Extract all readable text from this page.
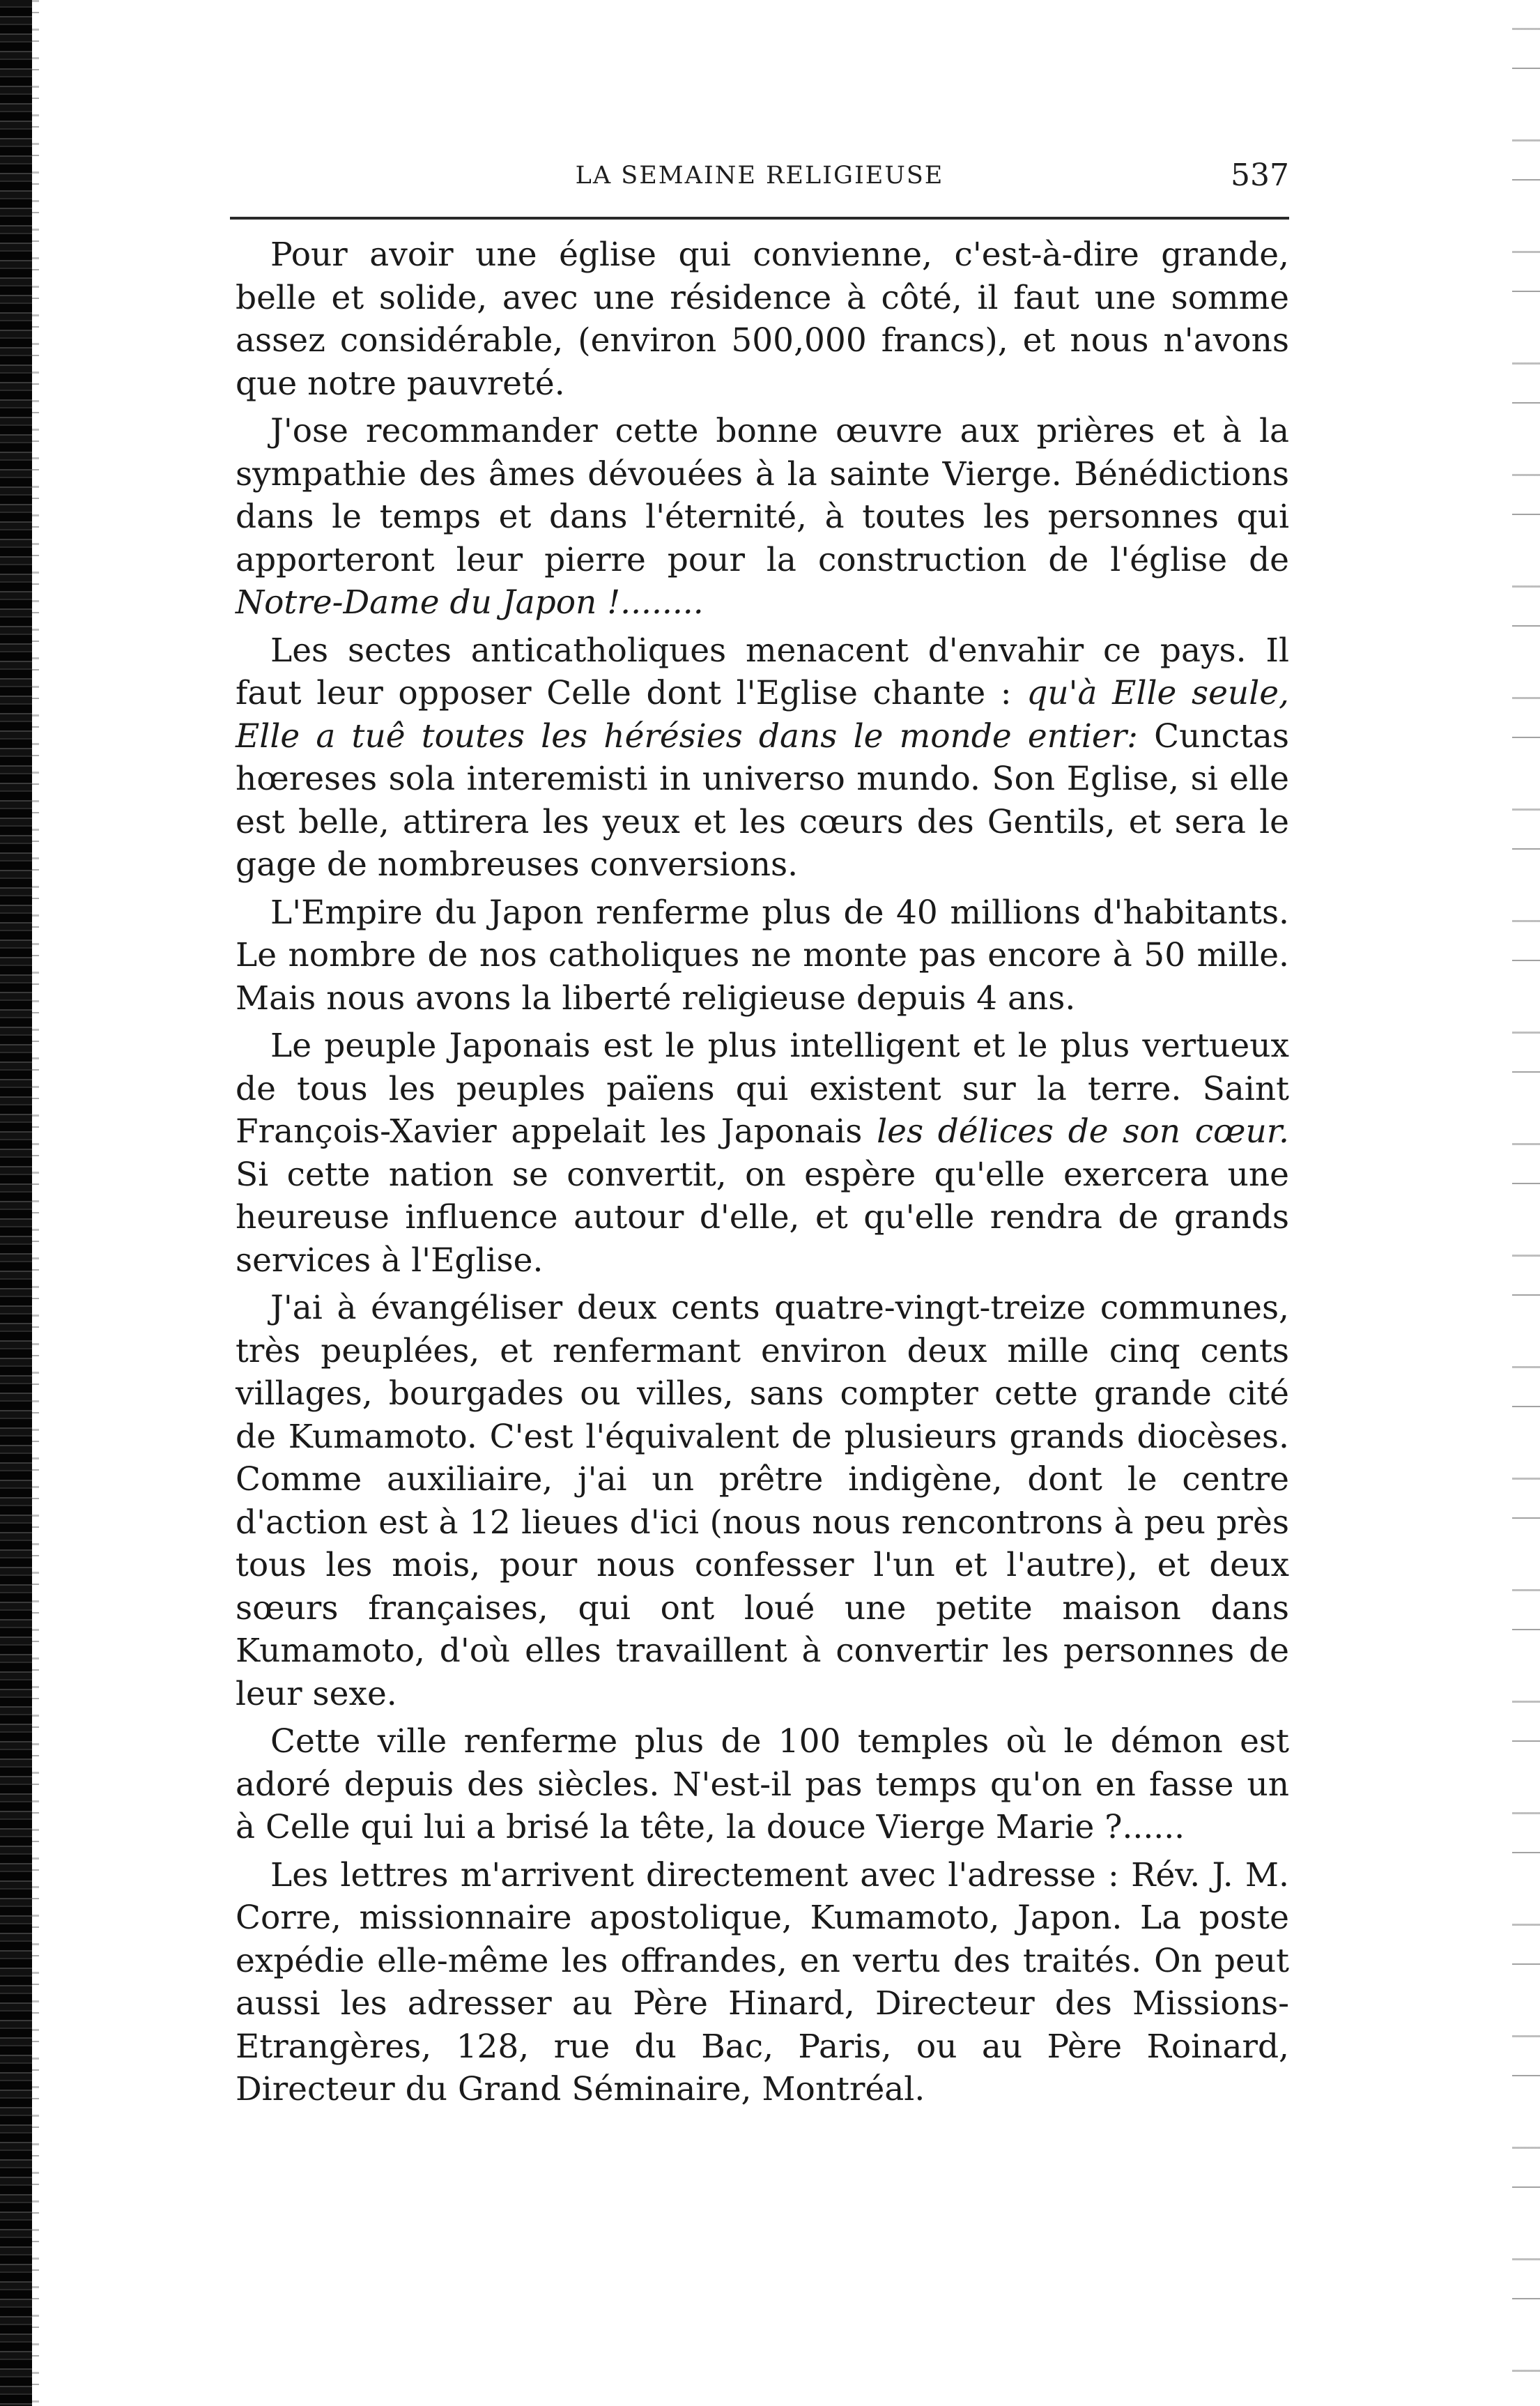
LA SEMAINE RELIGIEUSE	537

Pour avoir une église qui convienne, c'est-à-dire grande, belle et solide, avec une résidence à côté, il faut une somme assez considérable, (environ 500,000 francs), et nous n'avons que notre pauvreté.

J'ose recommander cette bonne œuvre aux prières et à la sympathie des âmes dévouées à la sainte Vierge. Bénédictions dans le temps et dans l'éternité, à toutes les personnes qui apporteront leur pierre pour la construction de l'église de Notre-Dame du Japon !........

Les sectes anticatholiques menacent d'envahir ce pays. Il faut leur opposer Celle dont l'Eglise chante : qu'à Elle seule, Elle a tuê toutes les hérésies dans le monde entier: Cunctas hœreses sola interemisti in universo mundo. Son Eglise, si elle est belle, attirera les yeux et les cœurs des Gentils, et sera le gage de nombreuses conversions.

L'Empire du Japon renferme plus de 40 millions d'habitants. Le nombre de nos catholiques ne monte pas encore à 50 mille. Mais nous avons la liberté religieuse depuis 4 ans.

Le peuple Japonais est le plus intelligent et le plus vertueux de tous les peuples païens qui existent sur la terre. Saint François-Xavier appelait les Japonais les délices de son cœur. Si cette nation se convertit, on espère qu'elle exercera une heureuse influence autour d'elle, et qu'elle rendra de grands services à l'Eglise.

J'ai à évangéliser deux cents quatre-vingt-treize communes, très peuplées, et renfermant environ deux mille cinq cents villages, bourgades ou villes, sans compter cette grande cité de Kumamoto. C'est l'équivalent de plusieurs grands diocèses. Comme auxiliaire, j'ai un prêtre indigène, dont le centre d'action est à 12 lieues d'ici (nous nous rencontrons à peu près tous les mois, pour nous confesser l'un et l'autre), et deux sœurs françaises, qui ont loué une petite maison dans Kumamoto, d'où elles travaillent à convertir les personnes de leur sexe.

Cette ville renferme plus de 100 temples où le démon est adoré depuis des siècles. N'est-il pas temps qu'on en fasse un à Celle qui lui a brisé la tête, la douce Vierge Marie ?......

Les lettres m'arrivent directement avec l'adresse : Rév. J. M. Corre, missionnaire apostolique, Kumamoto, Japon. La poste expédie elle-même les offrandes, en vertu des traités. On peut aussi les adresser au Père Hinard, Directeur des Missions-Etrangères, 128, rue du Bac, Paris, ou au Père Roinard, Directeur du Grand Séminaire, Montréal.
